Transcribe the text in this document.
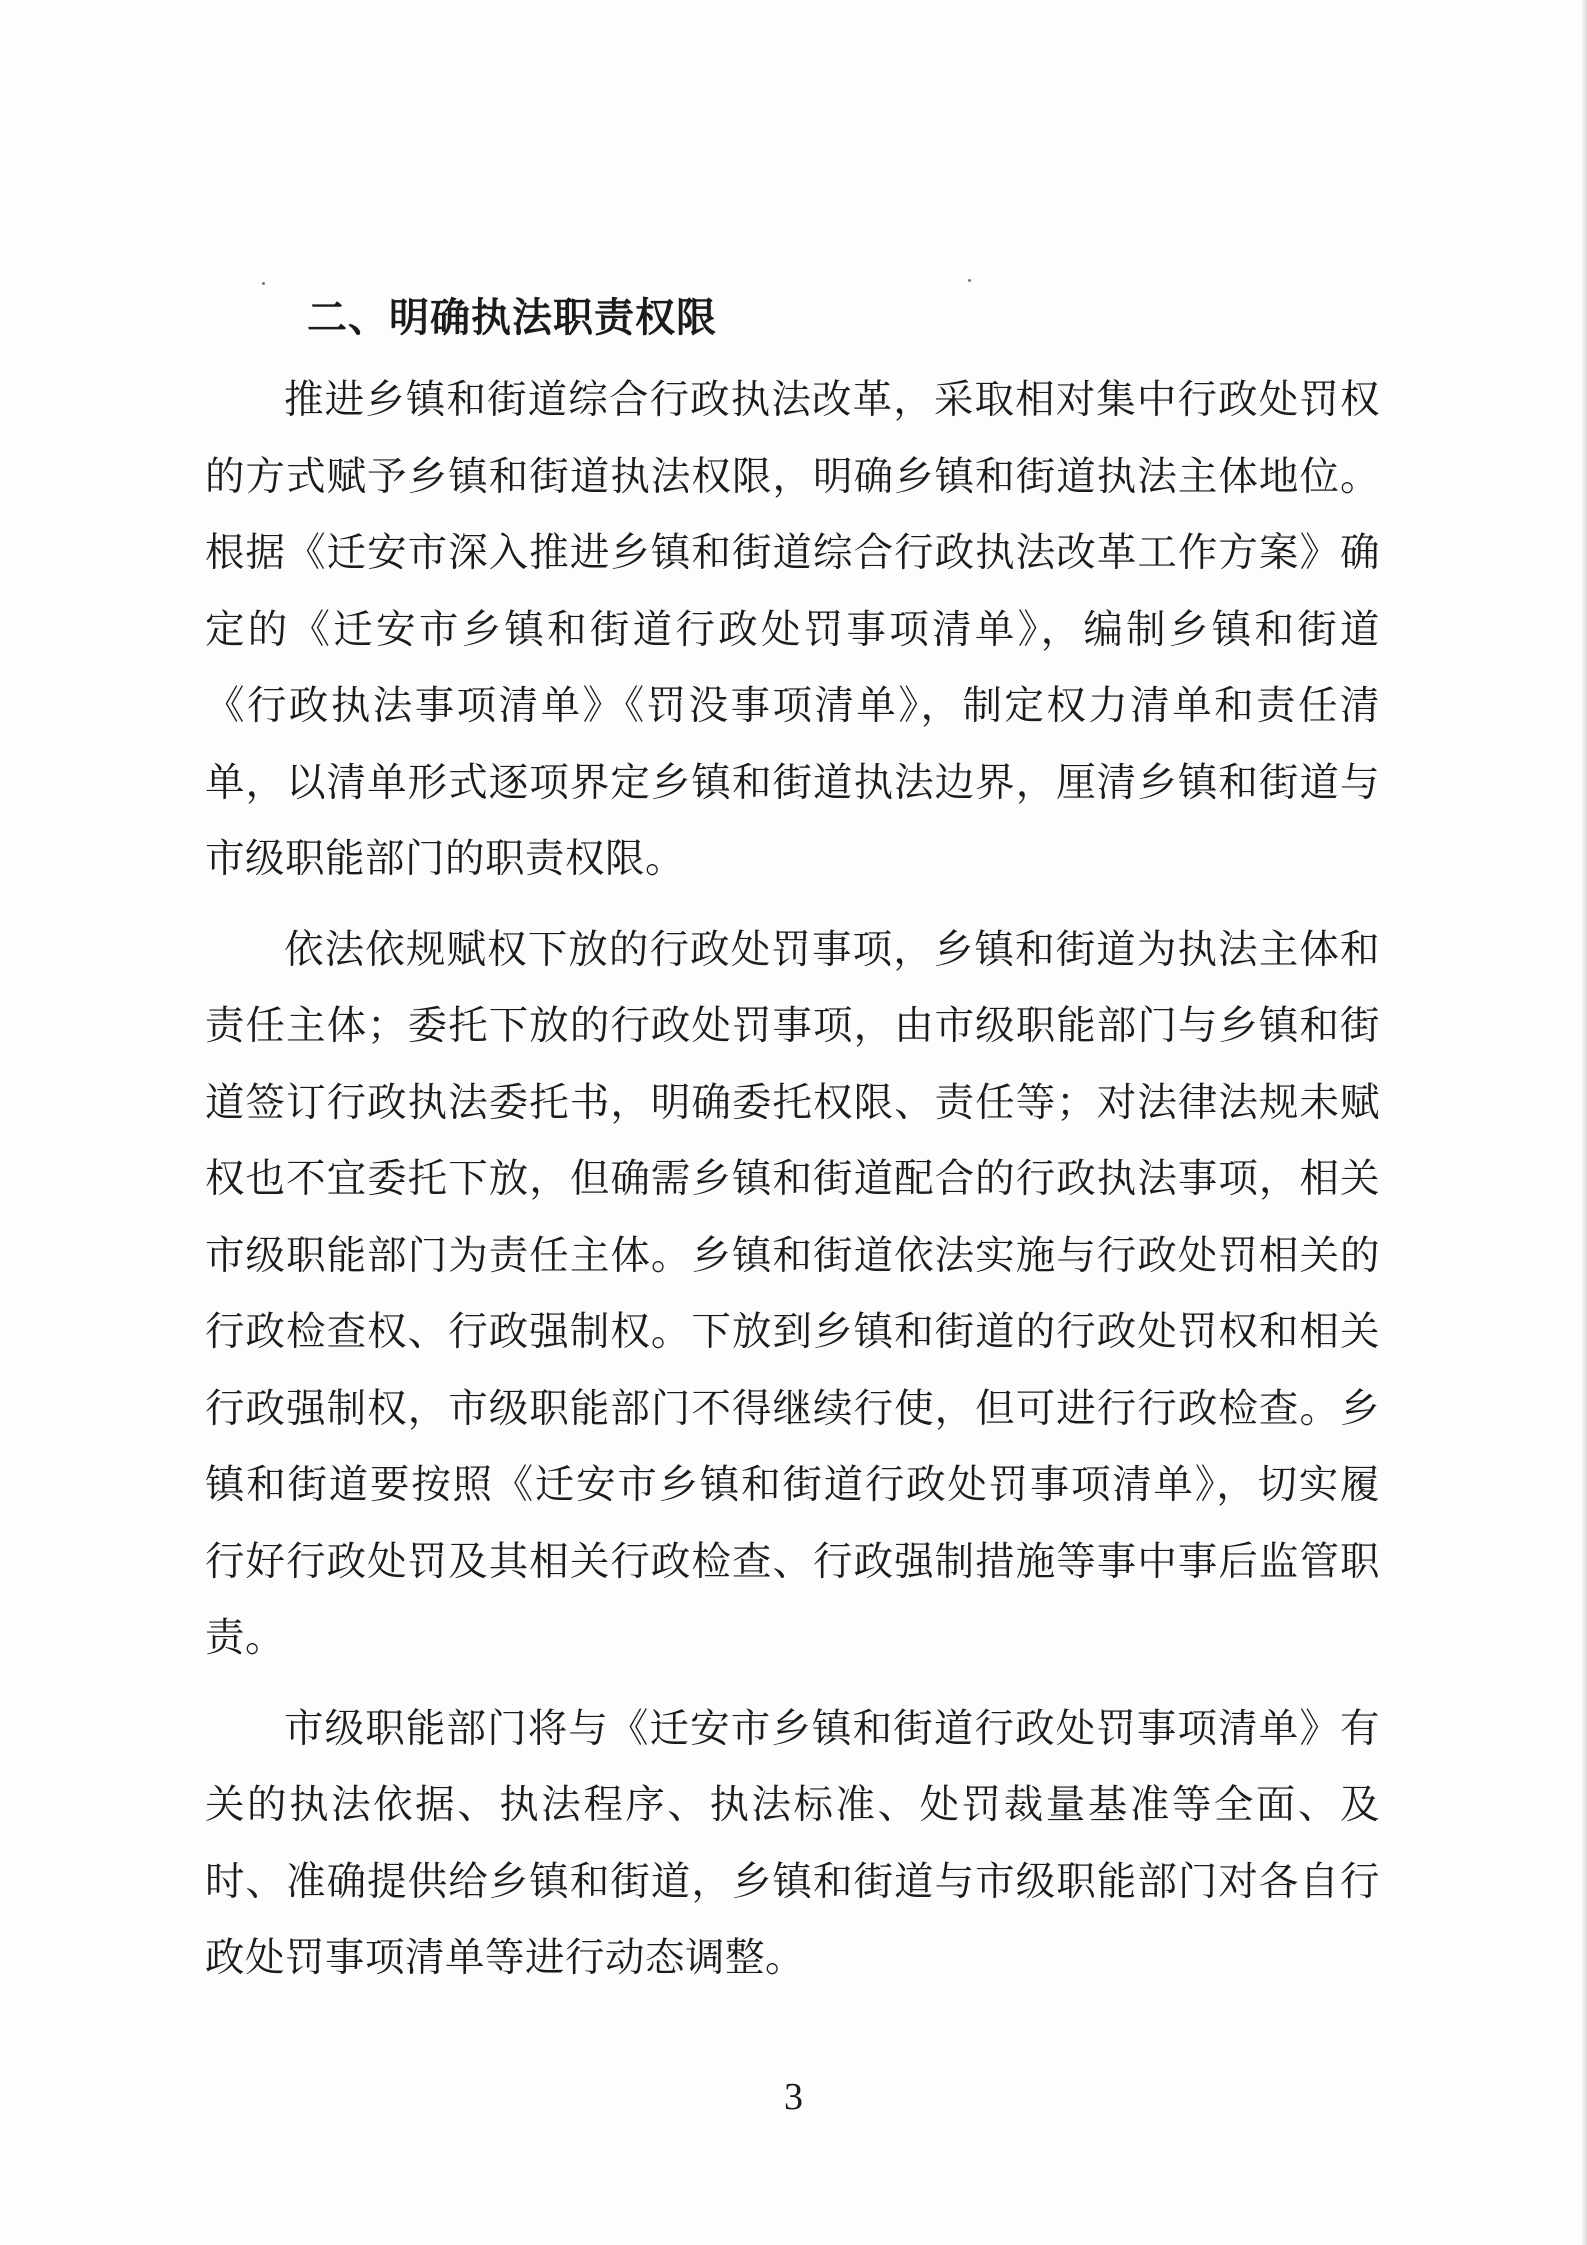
二、明确执法职责权限

推进乡镇和街道综合行政执法改革，采取相对集中行政处罚权的方式赋予乡镇和街道执法权限，明确乡镇和街道执法主体地位。根据《迁安市深入推进乡镇和街道综合行政执法改革工作方案》确定的《迁安市乡镇和街道行政处罚事项清单》，编制乡镇和街道《行政执法事项清单》《罚没事项清单》，制定权力清单和责任清单，以清单形式逐项界定乡镇和街道执法边界，厘清乡镇和街道与市级职能部门的职责权限。

依法依规赋权下放的行政处罚事项，乡镇和街道为执法主体和责任主体；委托下放的行政处罚事项，由市级职能部门与乡镇和街道签订行政执法委托书，明确委托权限、责任等；对法律法规未赋权也不宜委托下放，但确需乡镇和街道配合的行政执法事项，相关市级职能部门为责任主体。乡镇和街道依法实施与行政处罚相关的行政检查权、行政强制权。下放到乡镇和街道的行政处罚权和相关行政强制权，市级职能部门不得继续行使，但可进行行政检查。乡镇和街道要按照《迁安市乡镇和街道行政处罚事项清单》，切实履行好行政处罚及其相关行政检查、行政强制措施等事中事后监管职责。

市级职能部门将与《迁安市乡镇和街道行政处罚事项清单》有关的执法依据、执法程序、执法标准、处罚裁量基准等全面、及时、准确提供给乡镇和街道，乡镇和街道与市级职能部门对各自行政处罚事项清单等进行动态调整。

3
